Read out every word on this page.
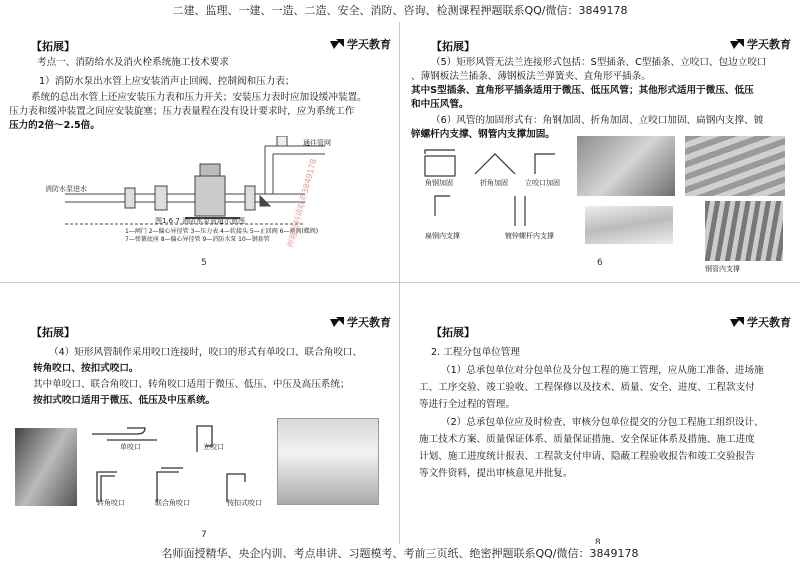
二建、监理、一建、一造、二造、安全、消防、咨询、检测课程押题联系QQ/微信：3849178
【拓展】	学天教育
考点一、消防给水及消火栓系统施工技术要求
1）消防水泵出水管上应安装消声止回阀、控制阀和压力表；
系统的总出水管上还应安装压力表和压力开关；安装压力表时应加设缓冲装置。
压力表和缓冲装置之间应安装旋塞；压力表量程在没有设计要求时，应为系统工作
压力的2倍～2.5倍。
消防水泵进水
通往管网
图1.6.7 消防水泵管道示意图
1—闸门 2—偏心异径管 3—压力表 4—软接头 5—止回阀 6—闸阀(蝶阀)
7—弹簧底座 8—偏心异径管 9—消防水泵 10—钢套管 押题资料请联系3849178
5
【拓展】	学天教育
（5）矩形风管无法兰连接形式包括：S型插条、C型插条、立咬口、包边立咬口
、薄钢板法兰插条、薄钢板法兰弹簧夹、直角形平插条。
其中S型插条、直角形平插条适用于微压、低压风管；其他形式适用于微压、低压
和中压风管。
（6）风管的加固形式有：角钢加固、折角加固、立咬口加固、扁钢内支撑、镀
锌螺杆内支撑、钢管内支撑加固。
角钢加固	折角加固 立咬口加固
扁钢内支撑	镀锌螺杆内支撑
钢管内支撑
6
【拓展】
学天教育
（4）矩形风管制作采用咬口连接时，咬口的形式有单咬口、联合角咬口、
转角咬口、按扣式咬口。
其中单咬口、联合角咬口、转角咬口适用于微压、低压、中压及高压系统；
按扣式咬口适用于微压、低压及中压系统。
单咬口	立咬口
转角咬口	联合角咬口	按扣式咬口
7
【拓展】
学天教育
2. 工程分包单位管理
（1）总承包单位对分包单位及分包工程的施工管理，应从施工准备、进场施
工、工序交验、竣工验收、工程保修以及技术、质量、安全、进度、工程款支付
等进行全过程的管理。
（2）总承包单位应及时检查、审核分包单位提交的分包工程施工组织设计、
施工技术方案、质量保证体系、质量保证措施、安全保证体系及措施、施工进度
计划、施工进度统计报表、工程款支付申请、隐蔽工程验收报告和竣工交验报告
等文件资料，提出审核意见并批复。
8
名师面授精华、央企内训、考点串讲、习题模考、考前三页纸、绝密押题联系QQ/微信：3849178
